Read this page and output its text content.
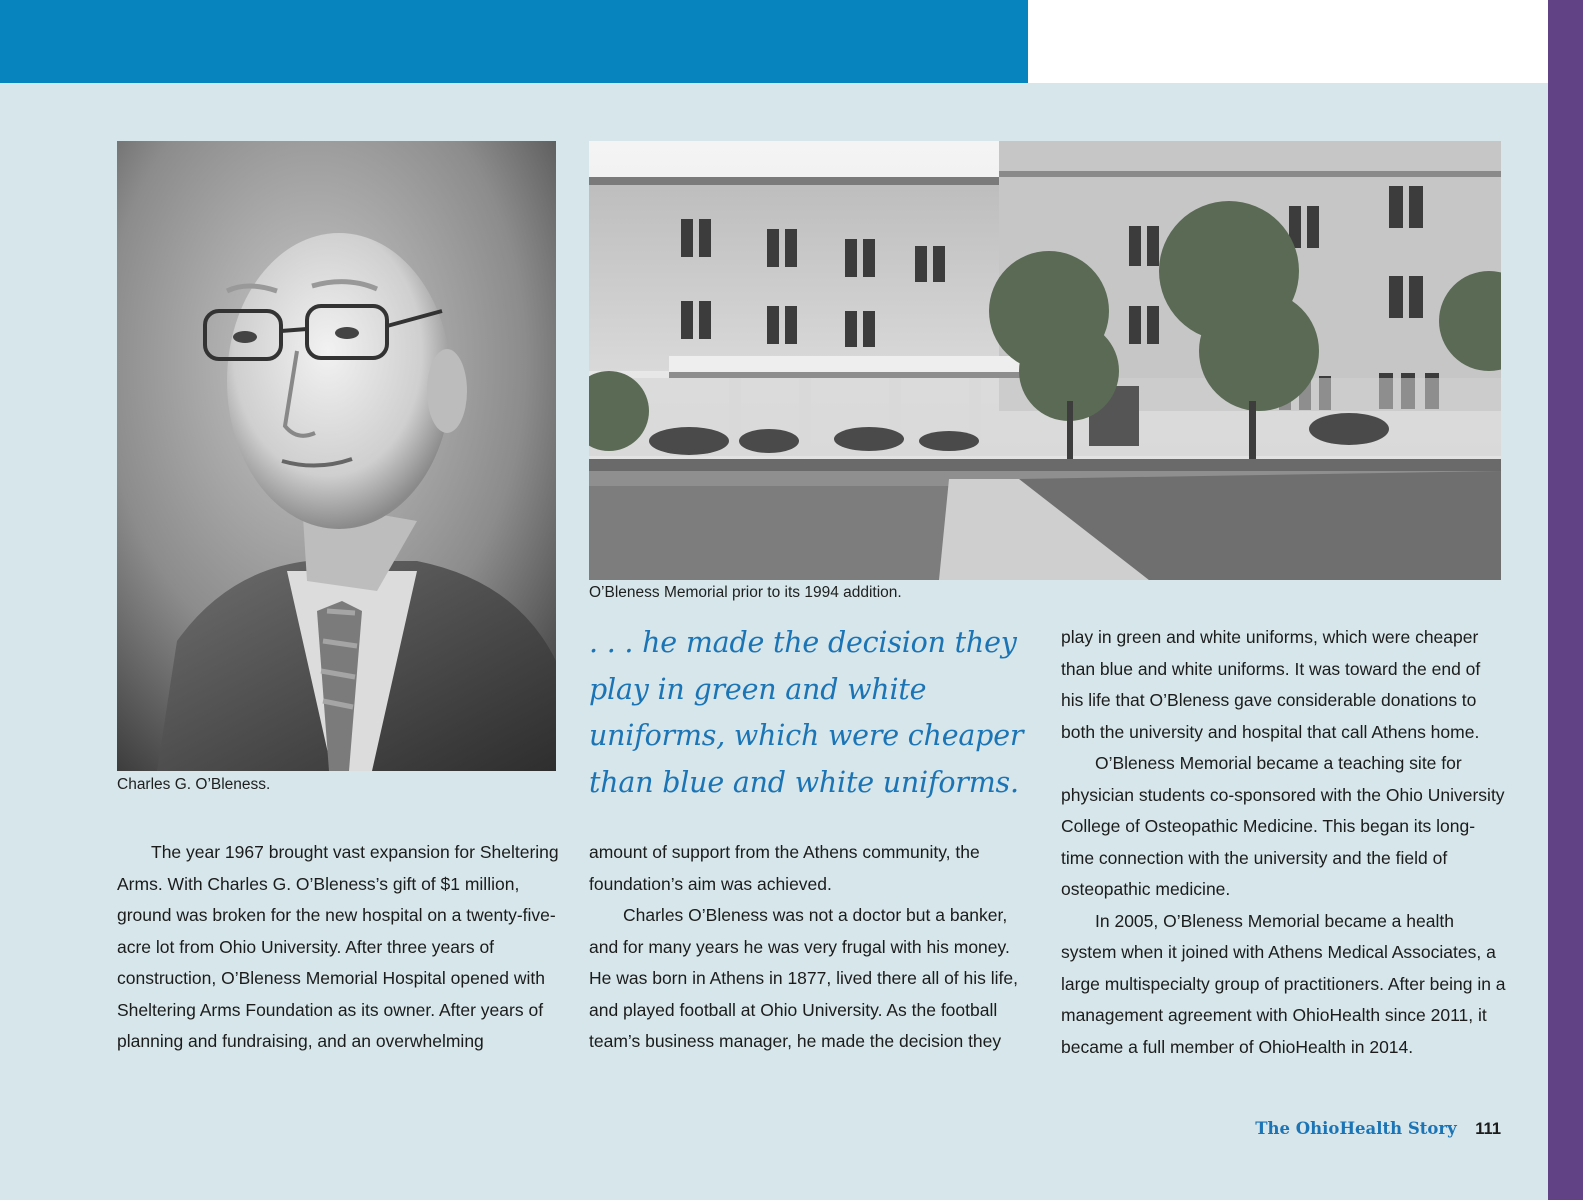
Charles G. O’Bleness.

O’Bleness Memorial prior to its 1994 addition.

. . . he made the decision they play in green and white uniforms, which were cheaper than blue and white uniforms.

The year 1967 brought vast expansion for Sheltering Arms. With Charles G. O’Bleness’s gift of $1 million, ground was broken for the new hospital on a twenty-five-acre lot from Ohio University. After three years of construction, O’Bleness Memorial Hospital opened with Sheltering Arms Foundation as its owner. After years of planning and fundraising, and an overwhelming

amount of support from the Athens community, the foundation’s aim was achieved.

Charles O’Bleness was not a doctor but a banker, and for many years he was very frugal with his money. He was born in Athens in 1877, lived there all of his life, and played football at Ohio University. As the football team’s business manager, he made the decision they

play in green and white uniforms, which were cheaper than blue and white uniforms. It was toward the end of his life that O’Bleness gave considerable donations to both the university and hospital that call Athens home.

O’Bleness Memorial became a teaching site for physician students co-sponsored with the Ohio University College of Osteopathic Medicine. This began its long-time connection with the university and the field of osteopathic medicine.

In 2005, O’Bleness Memorial became a health system when it joined with Athens Medical Associates, a large multispecialty group of practitioners. After being in a management agreement with OhioHealth since 2011, it became a full member of OhioHealth in 2014.

The OhioHealth Story 111
